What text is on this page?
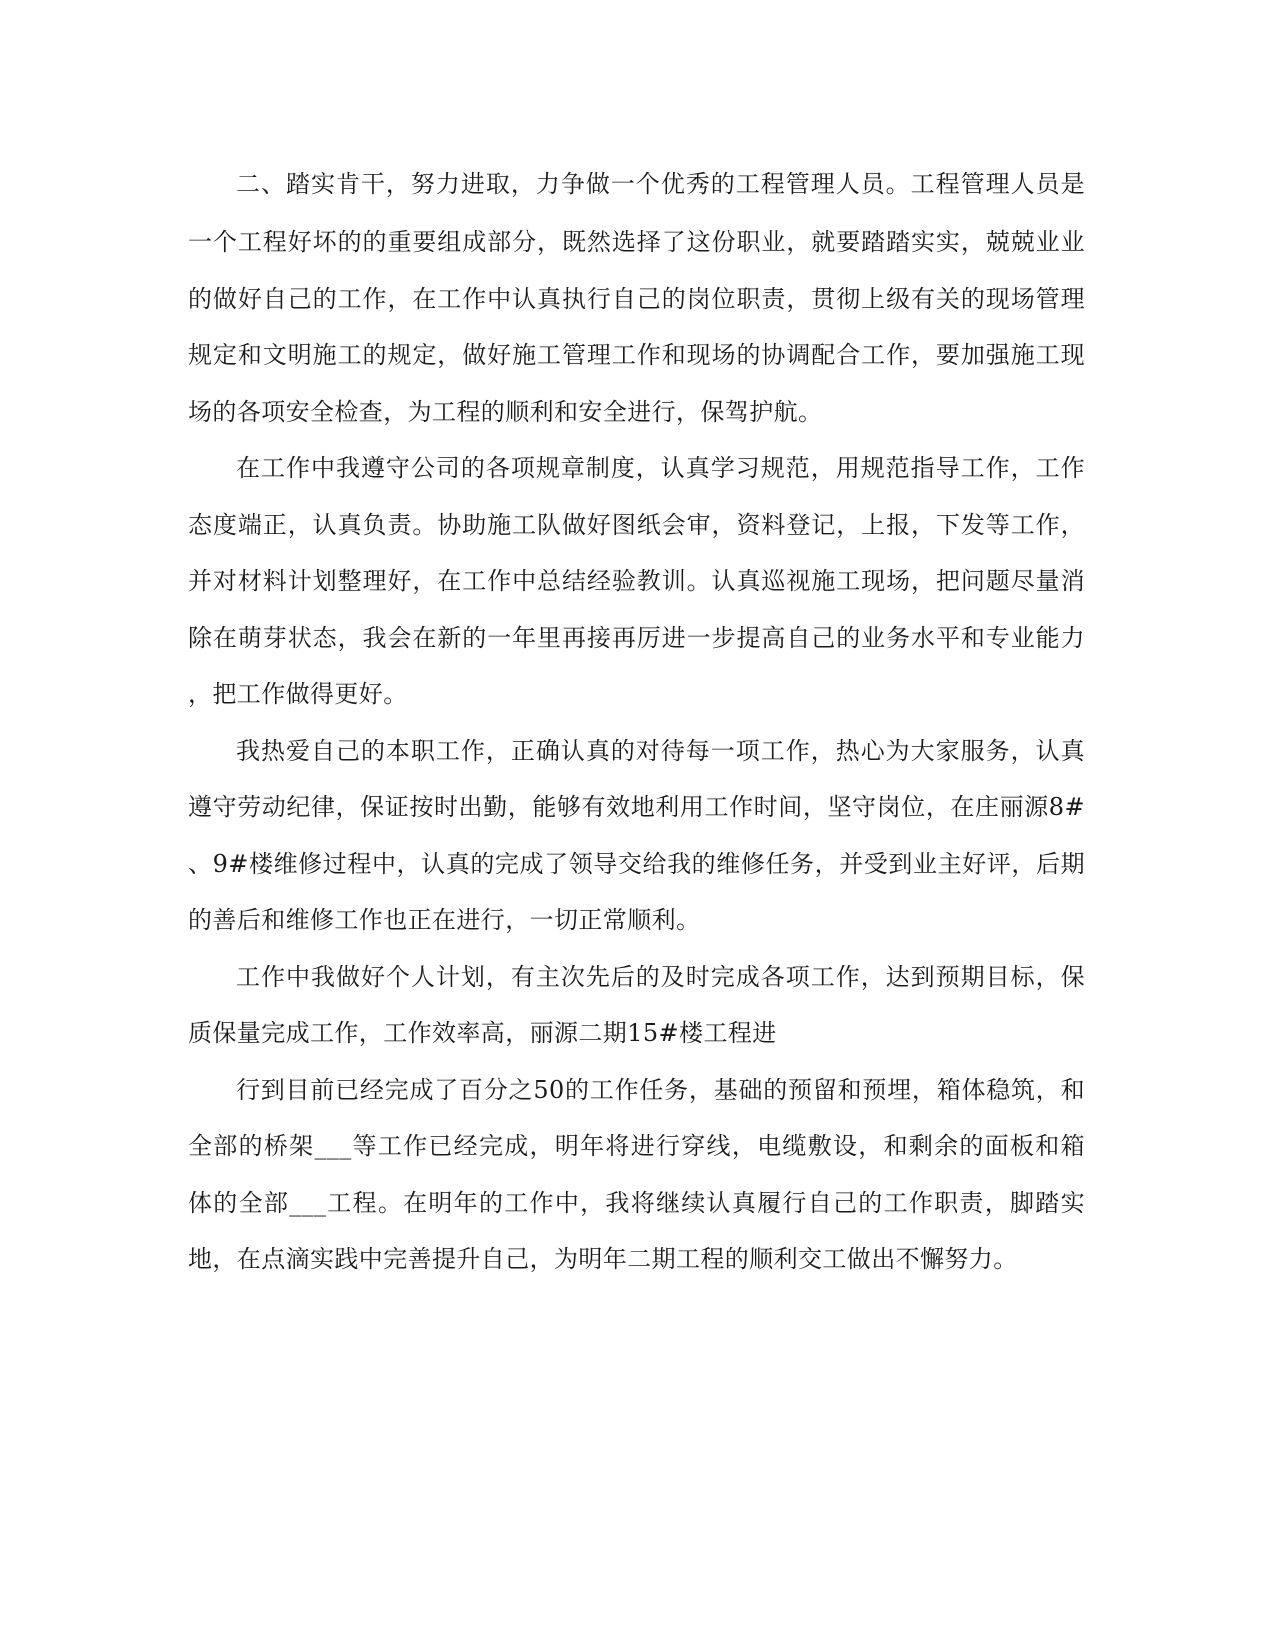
二、踏实肯干，努力进取，力争做一个优秀的工程管理人员。工程管理人员是

一个工程好坏的的重要组成部分，既然选择了这份职业，就要踏踏实实，兢兢业业

的做好自己的工作，在工作中认真执行自己的岗位职责，贯彻上级有关的现场管理

规定和文明施工的规定，做好施工管理工作和现场的协调配合工作，要加强施工现

场的各项安全检查，为工程的顺利和安全进行，保驾护航。

在工作中我遵守公司的各项规章制度，认真学习规范，用规范指导工作，工作

态度端正，认真负责。协助施工队做好图纸会审，资料登记，上报，下发等工作，

并对材料计划整理好，在工作中总结经验教训。认真巡视施工现场，把问题尽量消

除在萌芽状态，我会在新的一年里再接再厉进一步提高自己的业务水平和专业能力

，把工作做得更好。

我热爱自己的本职工作，正确认真的对待每一项工作，热心为大家服务，认真

遵守劳动纪律，保证按时出勤，能够有效地利用工作时间，坚守岗位，在庄丽源8#

、9#楼维修过程中，认真的完成了领导交给我的维修任务，并受到业主好评，后期

的善后和维修工作也正在进行，一切正常顺利。

工作中我做好个人计划，有主次先后的及时完成各项工作，达到预期目标，保

质保量完成工作，工作效率高，丽源二期15#楼工程进

行到目前已经完成了百分之50的工作任务，基础的预留和预埋，箱体稳筑，和

全部的桥架___等工作已经完成，明年将进行穿线，电缆敷设，和剩余的面板和箱

体的全部___工程。在明年的工作中，我将继续认真履行自己的工作职责，脚踏实

地，在点滴实践中完善提升自己，为明年二期工程的顺利交工做出不懈努力。
